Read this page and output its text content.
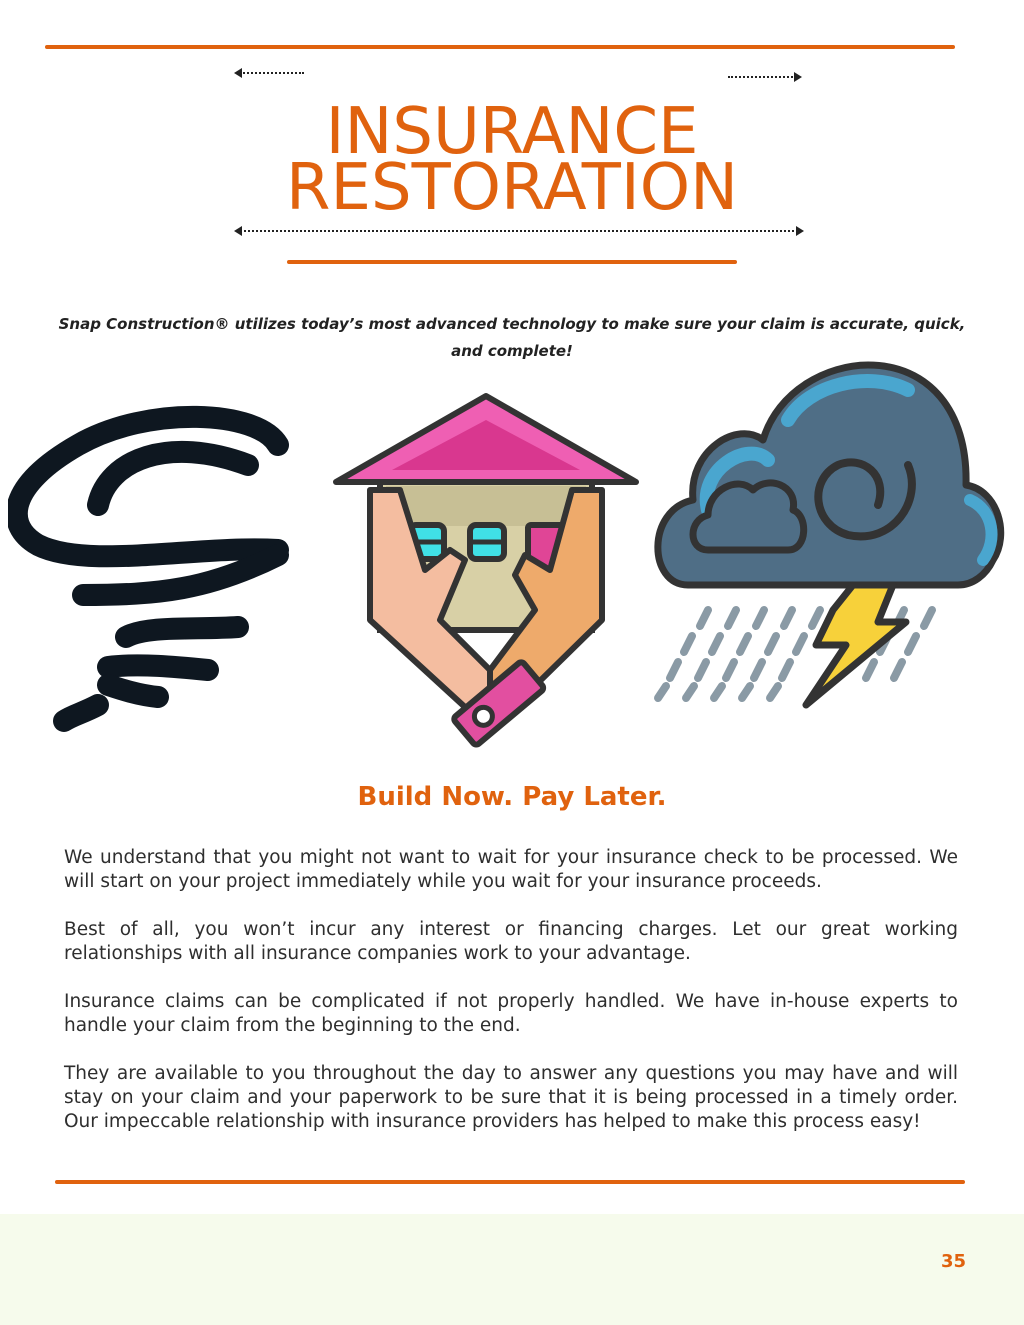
INSURANCE
RESTORATION

Snap Construction® utilizes today’s most advanced technology to make sure your claim is accurate, quick, and complete!

Build Now. Pay Later.

We understand that you might not want to wait for your insurance check to be processed. We will start on your project immediately while you wait for your insurance proceeds.

Best of all, you won’t incur any interest or financing charges. Let our great working relationships with all insurance companies work to your advantage.

Insurance claims can be complicated if not properly handled. We have in-house experts to handle your claim from the beginning to the end.

They are available to you throughout the day to answer any questions you may have and will stay on your claim and your paperwork to be sure that it is being processed in a timely order. Our impeccable relationship with insurance providers has helped to make this process easy!

35
